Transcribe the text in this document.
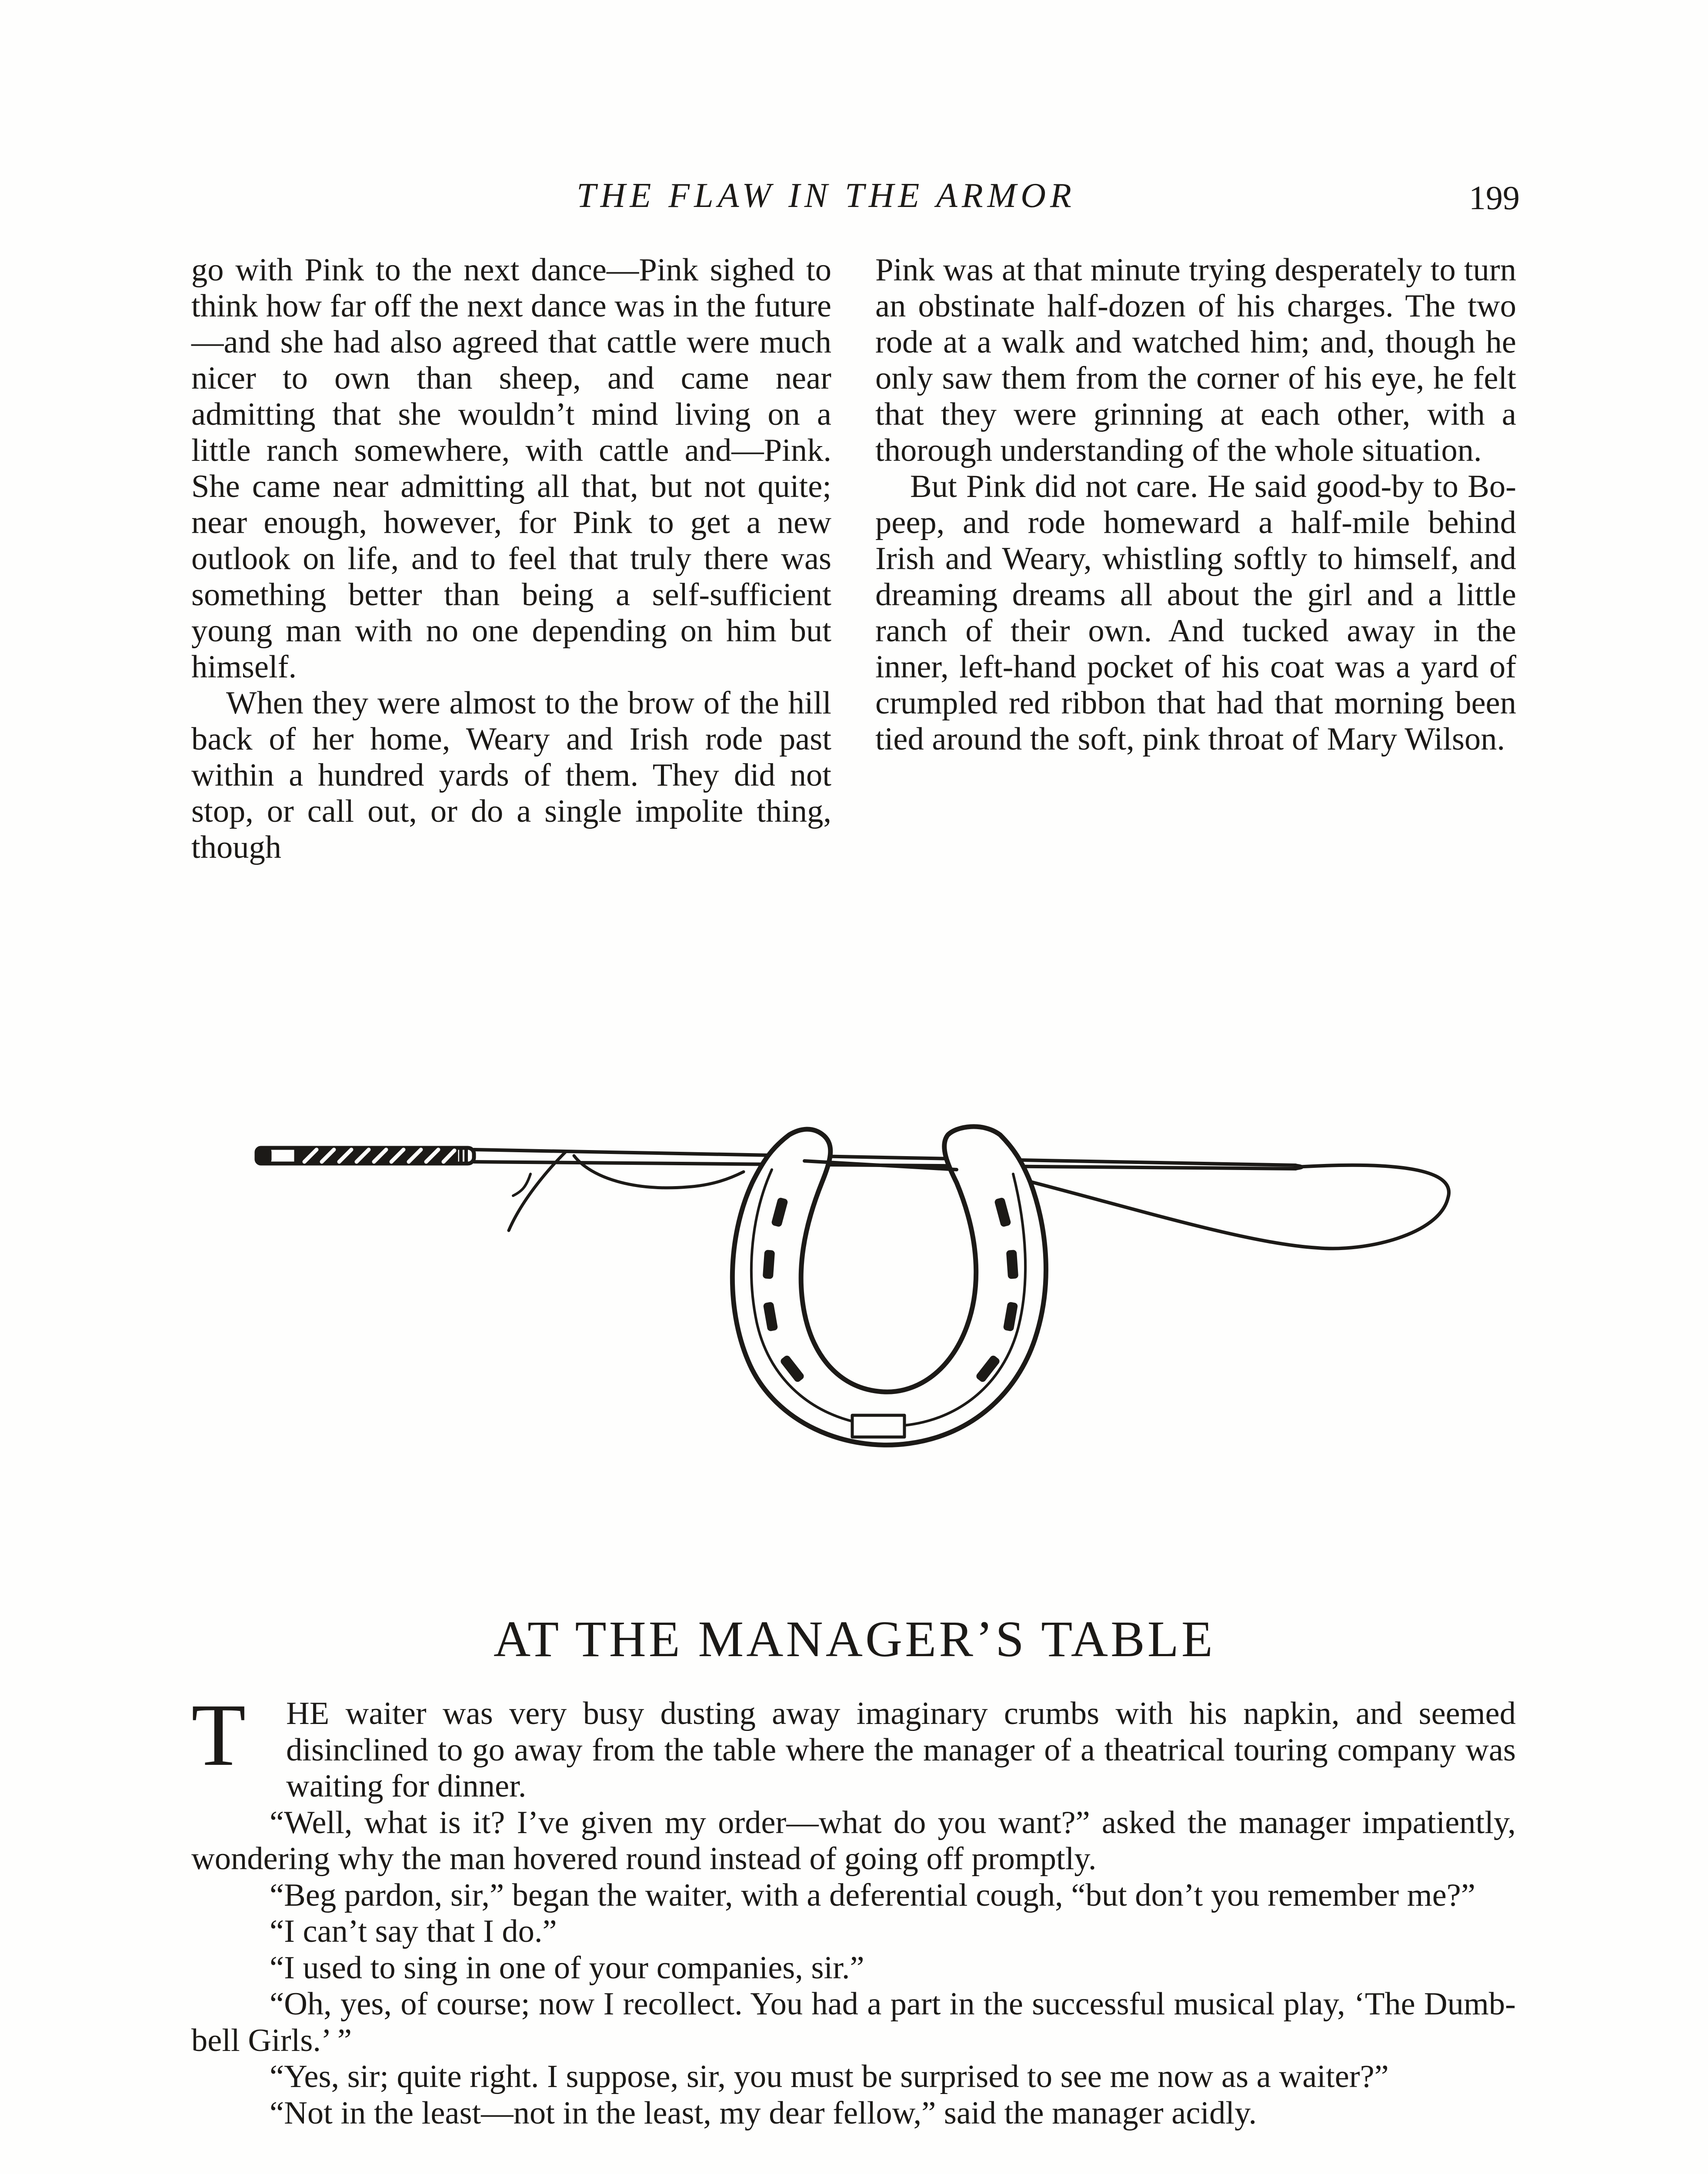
THE FLAW IN THE ARMOR	199

go with Pink to the next dance—Pink sighed to think how far off the next dance was in the future—and she had also agreed that cattle were much nicer to own than sheep, and came near admitting that she wouldn’t mind living on a little ranch somewhere, with cattle and—Pink. She came near admitting all that, but not quite; near enough, however, for Pink to get a new outlook on life, and to feel that truly there was something better than being a self-sufficient young man with no one depending on him but himself.

When they were almost to the brow of the hill back of her home, Weary and Irish rode past within a hundred yards of them. They did not stop, or call out, or do a single impolite thing, though

Pink was at that minute trying desperately to turn an obstinate half-dozen of his charges. The two rode at a walk and watched him; and, though he only saw them from the corner of his eye, he felt that they were grinning at each other, with a thorough understanding of the whole situation.

But Pink did not care. He said good-by to Bo-peep, and rode homeward a half-mile behind Irish and Weary, whistling softly to himself, and dreaming dreams all about the girl and a little ranch of their own. And tucked away in the inner, left-hand pocket of his coat was a yard of crumpled red ribbon that had that morning been tied around the soft, pink throat of Mary Wilson.

AT THE MANAGER’S TABLE

T HE waiter was very busy dusting away imaginary crumbs with his napkin, and seemed disinclined to go away from the table where the manager of a theatrical touring company was waiting for dinner.

“Well, what is it? I’ve given my order—what do you want?” asked the manager impatiently, wondering why the man hovered round instead of going off promptly.

“Beg pardon, sir,” began the waiter, with a deferential cough, “but don’t you remember me?”

“I can’t say that I do.”

“I used to sing in one of your companies, sir.”

“Oh, yes, of course; now I recollect. You had a part in the successful musical play, ‘The Dumb-bell Girls.’ ”

“Yes, sir; quite right. I suppose, sir, you must be surprised to see me now as a waiter?”

“Not in the least—not in the least, my dear fellow,” said the manager acidly.
